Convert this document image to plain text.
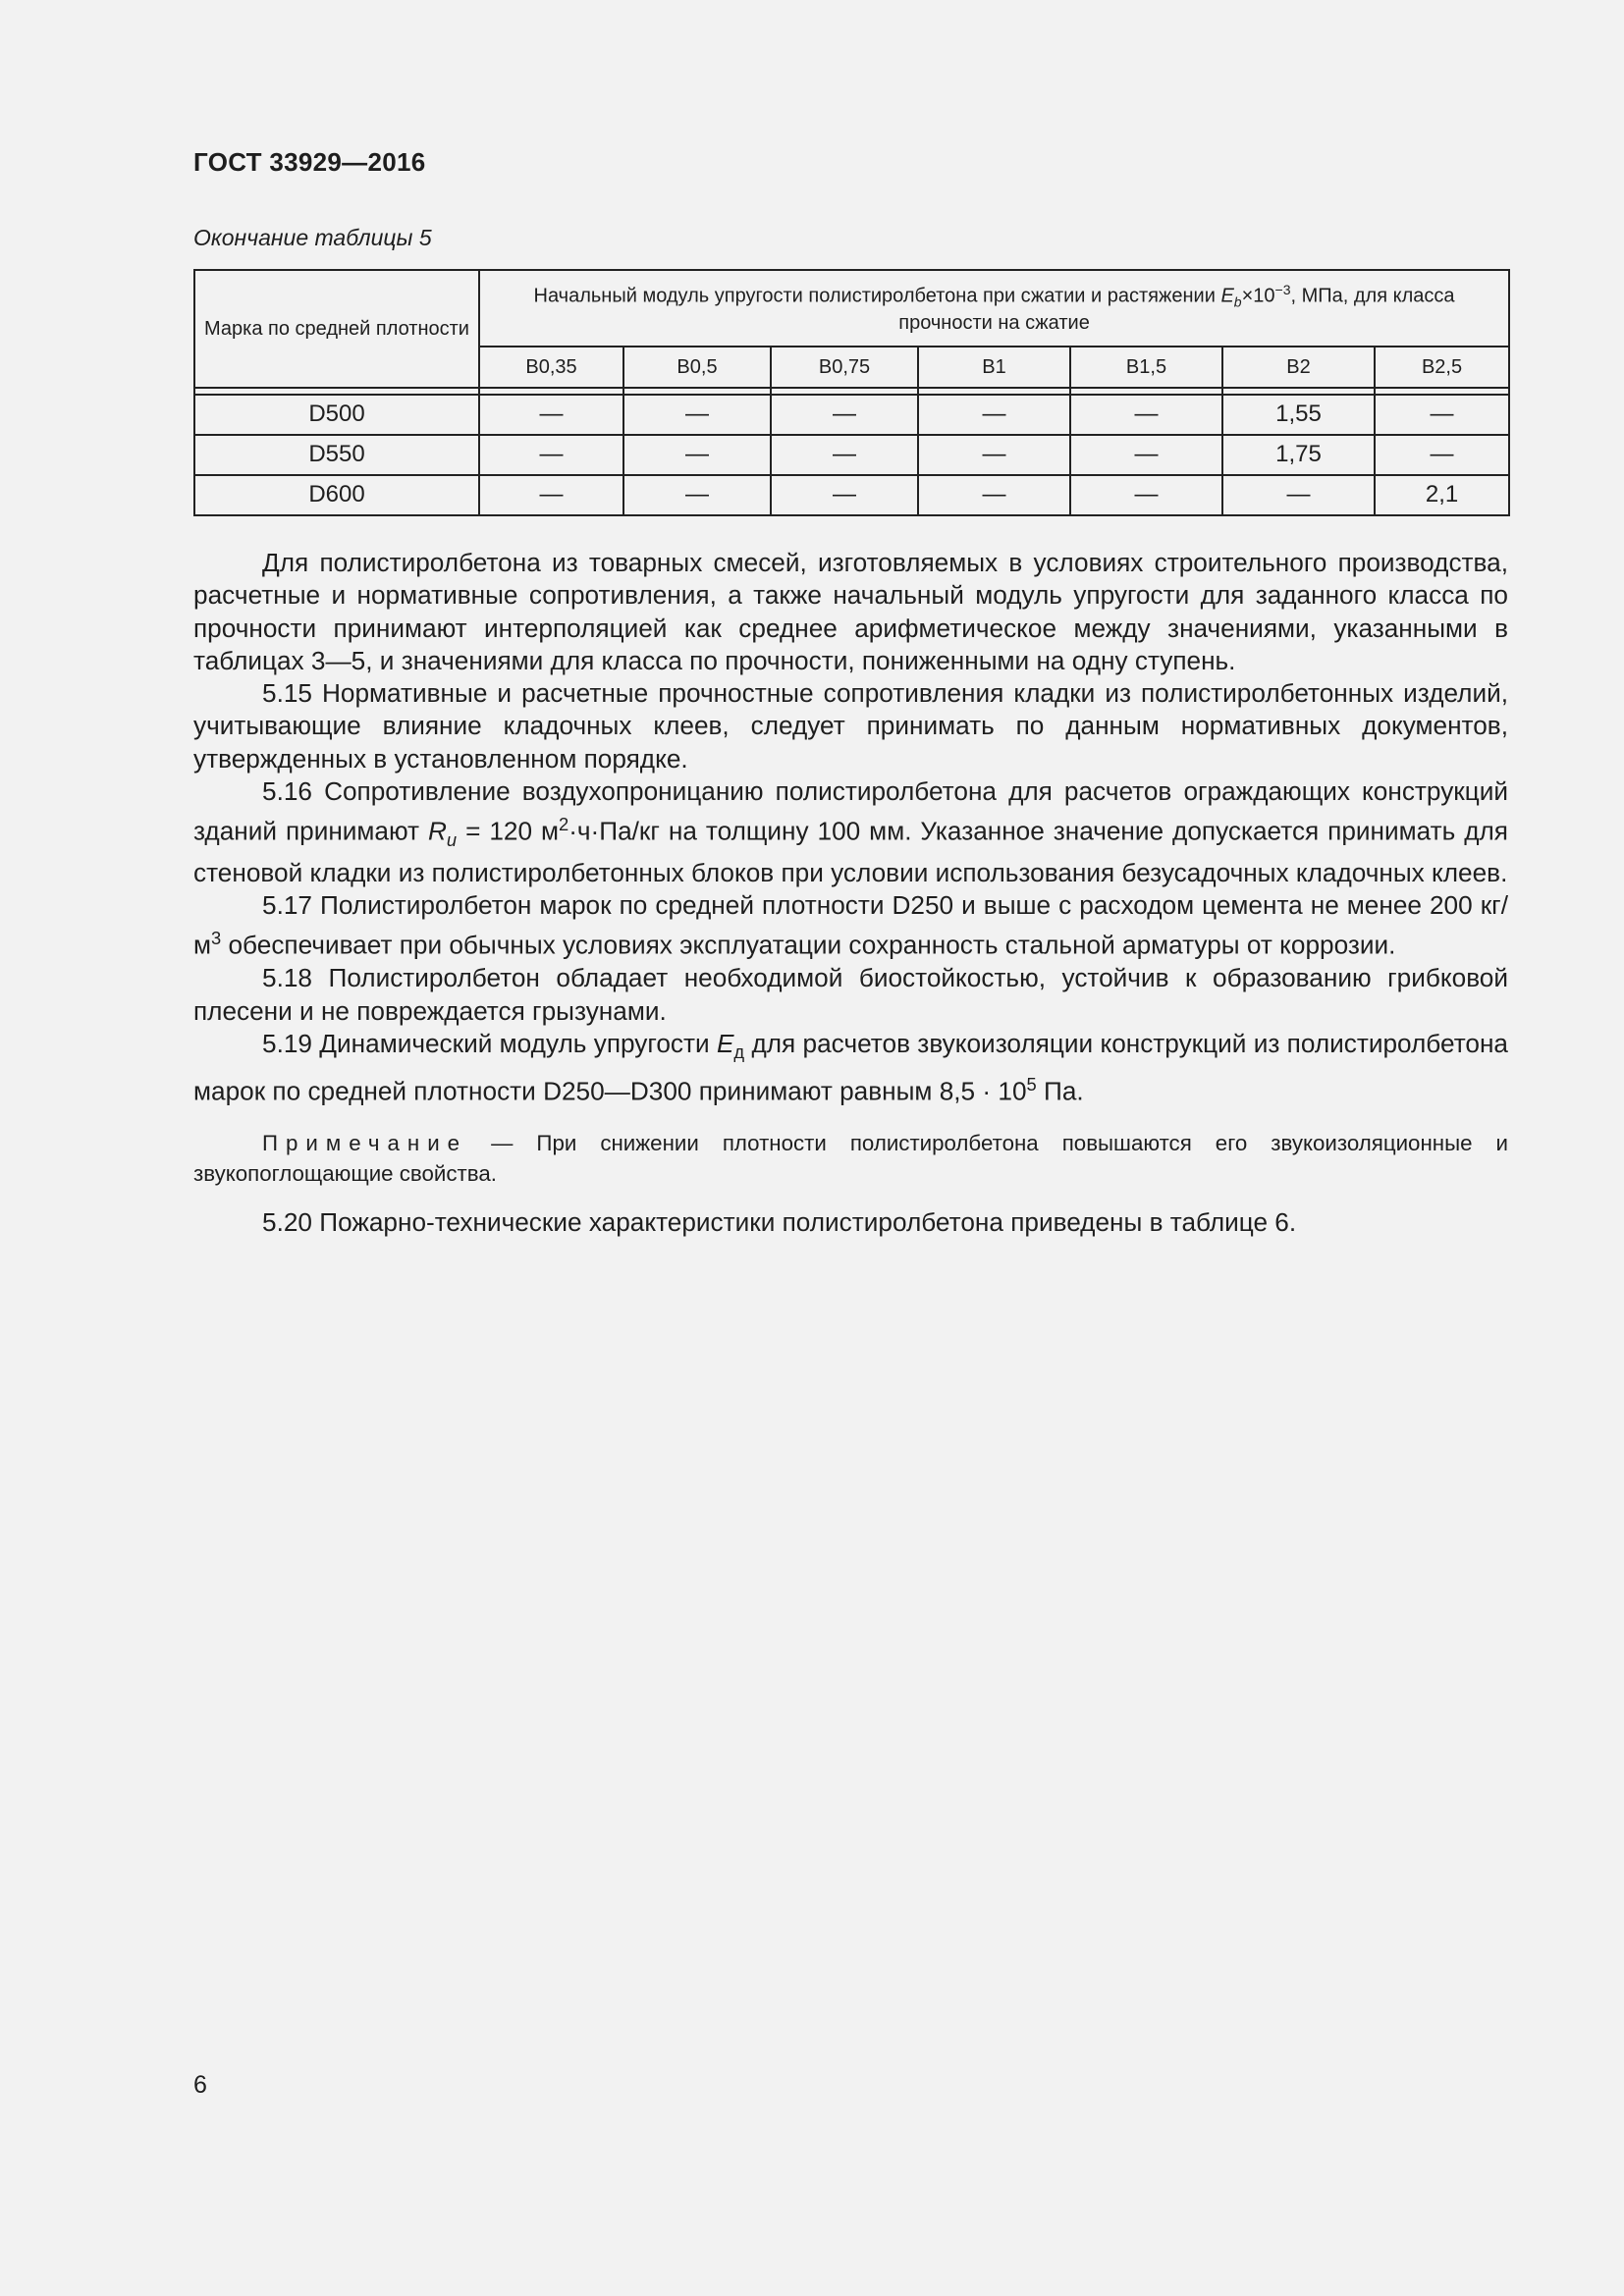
ГОСТ 33929—2016
Окончание таблицы 5
Марка по средней плотности	Начальный модуль упругости полистиролбетона при сжатии и растяжении $E_b\times 10^{-3}$, МПа, для класса прочности на сжатие						
	B0,35	B0,5	B0,75	B1	B1,5	B2	B2,5

D500	—	—	—	—	—	1,55	—
D550	—	—	—	—	—	1,75	—
D600	—	—	—	—	—	—	2,1

Для полистиролбетона из товарных смесей, изготовляемых в условиях строительного производства, расчетные и нормативные сопротивления, а также начальный модуль упругости для заданного класса по прочности принимают интерполяцией как среднее арифметическое между значениями, указанными в таблицах 3—5, и значениями для класса по прочности, пониженными на одну ступень.

5.15 Нормативные и расчетные прочностные сопротивления кладки из полистиролбетонных изделий, учитывающие влияние кладочных клеев, следует принимать по данным нормативных документов, утвержденных в установленном порядке.

5.16 Сопротивление воздухопроницанию полистиролбетона для расчетов ограждающих конструкций зданий принимают $R_u = 120$ $м^2\cdot ч\cdot Па/кг$ на толщину 100 мм. Указанное значение допускается принимать для стеновой кладки из полистиролбетонных блоков при условии использования безусадочных кладочных клеев.

5.17 Полистиролбетон марок по средней плотности D250 и выше с расходом цемента не менее 200 $кг/м^3$ обеспечивает при обычных условиях эксплуатации сохранность стальной арматуры от коррозии.

5.18 Полистиролбетон обладает необходимой биостойкостью, устойчив к образованию грибковой плесени и не повреждается грызунами.

5.19 Динамический модуль упругости $E_д$ для расчетов звукоизоляции конструкций из полистиролбетона марок по средней плотности D250—D300 принимают равным $8,5 \cdot 10^5$ Па.

Примечание — При снижении плотности полистиролбетона повышаются его звукоизоляционные и звукопоглощающие свойства.

5.20 Пожарно-технические характеристики полистиролбетона приведены в таблице 6.

6
